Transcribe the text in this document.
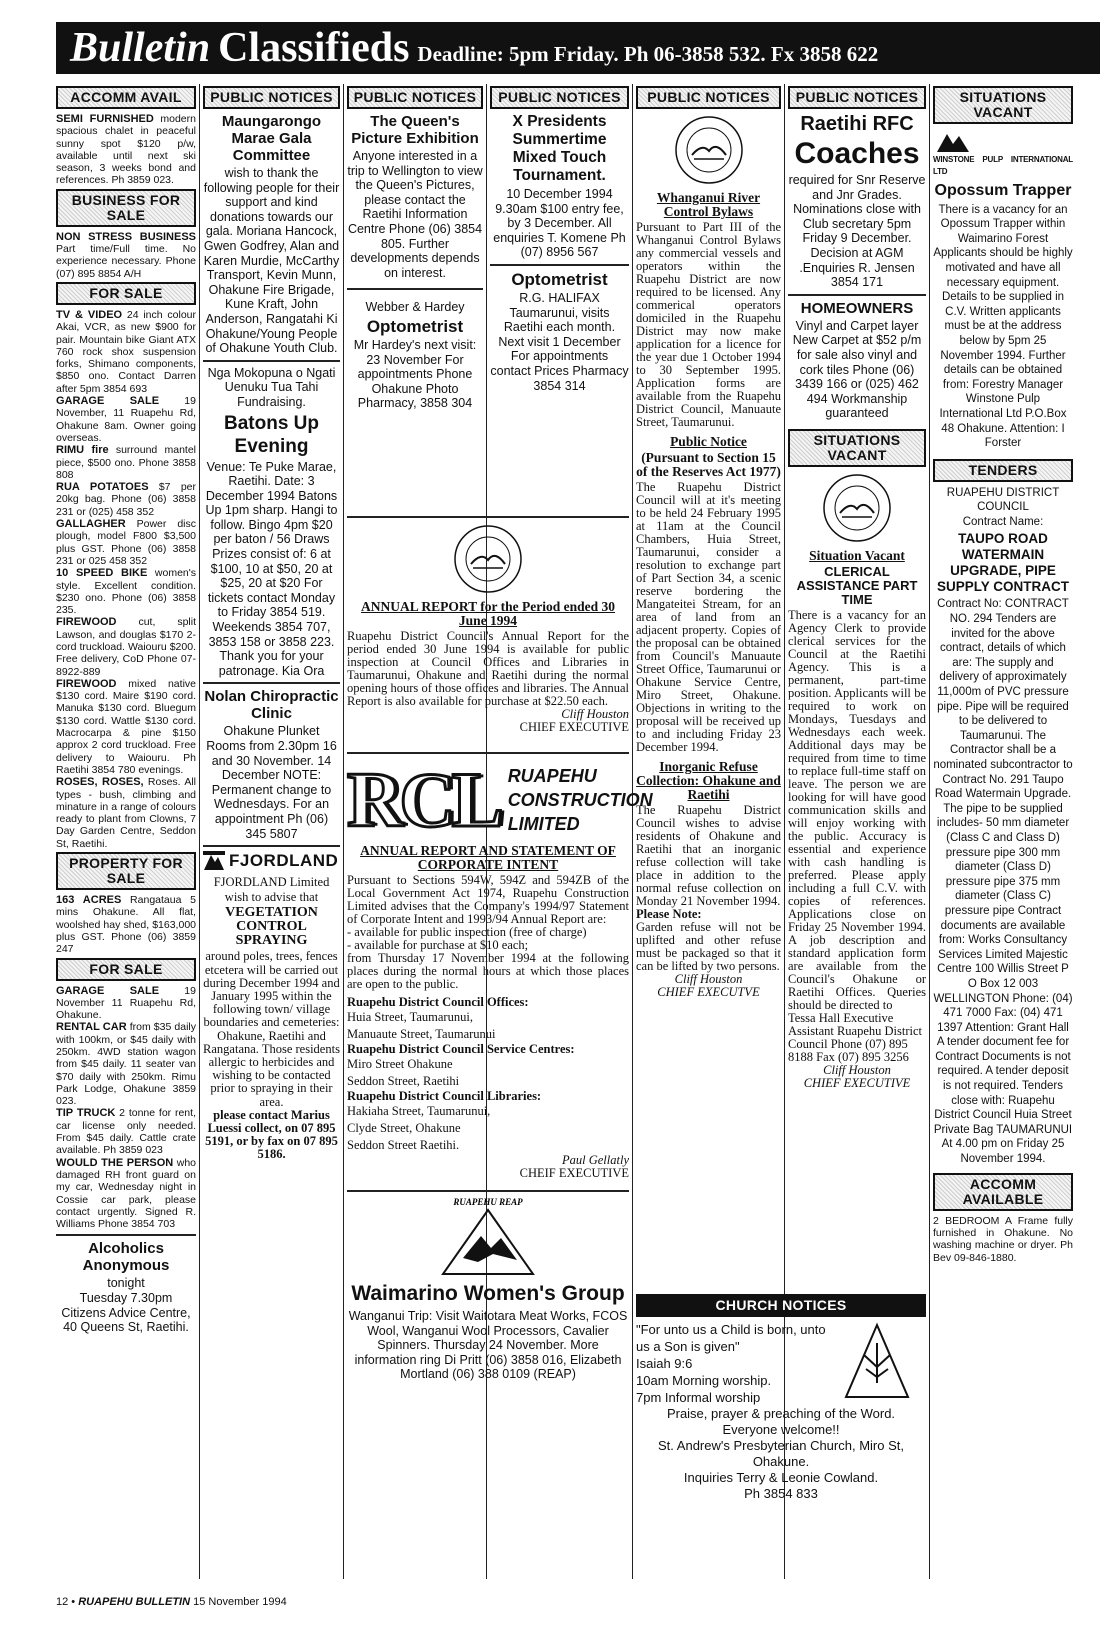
Bulletin Classifieds Deadline: 5pm Friday. Ph 06-3858 532. Fx 3858 622
ACCOMM AVAIL

SEMI FURNISHED modern spacious chalet in peaceful sunny spot $120 p/w, available until next ski season, 3 weeks bond and references. Ph 3859 023.

BUSINESS FOR SALE

NON STRESS BUSINESS Part time/Full time. No experience necessary. Phone (07) 895 8854 A/H

FOR SALE

TV & VIDEO 24 inch colour Akai, VCR, as new $900 for pair. Mountain bike Giant ATX 760 rock shox suspension forks, Shimano components, $850 ono. Contact Darren after 5pm 3854 693

GARAGE SALE 19 November, 11 Ruapehu Rd, Ohakune 8am. Owner going overseas.

RIMU fire surround mantel piece, $500 ono. Phone 3858 808

RUA POTATOES $7 per 20kg bag. Phone (06) 3858 231 or (025) 458 352

GALLAGHER Power disc plough, model F800 $3,500 plus GST. Phone (06) 3858 231 or 025 458 352

10 SPEED BIKE women's style. Excellent condition. $230 ono. Phone (06) 3858 235.

FIREWOOD cut, split Lawson, and douglas $170 2-cord truckload. Waiouru $200. Free delivery, CoD Phone 07-8922-889

FIREWOOD mixed native $130 cord. Maire $190 cord. Manuka $130 cord. Bluegum $130 cord. Wattle $130 cord. Macrocarpa & pine $150 approx 2 cord truckload. Free delivery to Waiouru. Ph Raetihi 3854 780 evenings.

ROSES, ROSES, Roses. All types - bush, climbing and minature in a range of colours ready to plant from Clowns, 7 Day Garden Centre, Seddon St, Raetihi.

PROPERTY FOR SALE

163 ACRES Rangataua 5 mins Ohakune. All flat, woolshed hay shed, $163,000 plus GST. Phone (06) 3859 247

FOR SALE

GARAGE SALE 19 November 11 Ruapehu Rd, Ohakune.

RENTAL CAR from $35 daily with 100km, or $45 daily with 250km. 4WD station wagon from $45 daily. 11 seater van $70 daily with 250km. Rimu Park Lodge, Ohakune 3859 023.

TIP TRUCK 2 tonne for rent, car license only needed. From $45 daily. Cattle crate available. Ph 3859 023

WOULD THE PERSON who damaged RH front guard on my car, Wednesday night in Cossie car park, please contact urgently. Signed R. Williams Phone 3854 703

Alcoholics Anonymous

tonight

Tuesday 7.30pm

Citizens Advice Centre,

40 Queens St, Raetihi.

PUBLIC NOTICES

Maungarongo Marae Gala Committee

wish to thank the following people for their support and kind donations towards our gala. Moriana Hancock, Gwen Godfrey, Alan and Karen Murdie, McCarthy Transport, Kevin Munn, Ohakune Fire Brigade, Kune Kraft, John Anderson, Rangatahi Ki Ohakune/Young People of Ohakune Youth Club.

Nga Mokopuna o Ngati Uenuku Tua Tahi Fundraising.

Batons Up Evening

Venue: Te Puke Marae, Raetihi. Date: 3 December 1994 Batons Up 1pm sharp. Hangi to follow. Bingo 4pm $20 per baton / 56 Draws Prizes consist of: 6 at $100, 10 at $50, 20 at $25, 20 at $20 For tickets contact Monday to Friday 3854 519. Weekends 3854 707, 3853 158 or 3858 223. Thank you for your patronage. Kia Ora

Nolan Chiropractic Clinic

Ohakune Plunket Rooms from 2.30pm 16 and 30 November. 14 December NOTE: Permanent change to Wednesdays. For an appointment Ph (06) 345 5807

FJORDLAND

FJORDLAND Limited wish to advise that

VEGETATION CONTROL SPRAYING

around poles, trees, fences etcetera will be carried out during December 1994 and January 1995 within the following town/ village boundaries and cemeteries: Ohakune, Raetihi and Rangatana. Those residents allergic to herbicides and wishing to be contacted prior to spraying in their area.

please contact Marius Luessi collect, on 07 895 5191, or by fax on 07 895 5186.

PUBLIC NOTICES

The Queen's Picture Exhibition

Anyone interested in a trip to Wellington to view the Queen's Pictures, please contact the Raetihi Information Centre Phone (06) 3854 805. Further developments depends on interest.

Webber & Hardey

Optometrist

Mr Hardey's next visit: 23 November For appointments Phone Ohakune Photo Pharmacy, 3858 304

PUBLIC NOTICES

X Presidents Summertime Mixed Touch Tournament.

10 December 1994 9.30am $100 entry fee, by 3 December. All enquiries T. Komene Ph (07) 8956 567

Optometrist

R.G. HALIFAX Taumarunui, visits Raetihi each month. Next visit 1 December For appointments contact Prices Pharmacy 3854 314

ANNUAL REPORT for the Period ended 30 June 1994

Ruapehu District Council's Annual Report for the period ended 30 June 1994 is available for public inspection at Council Offices and Libraries in Taumarunui, Ohakune and Raetihi during the normal opening hours of those offices and libraries. The Annual Report is also available for purchase at $22.50 each.

Cliff Houston

CHIEF EXECUTIVE

RCL RUAPEHU CONSTRUCTION LIMITED

ANNUAL REPORT AND STATEMENT OF CORPORATE INTENT

Pursuant to Sections 594W, 594Z and 594ZB of the Local Government Act 1974, Ruapehu Construction Limited advises that the Company's 1994/97 Statement of Corporate Intent and 1993/94 Annual Report are:

- available for public inspection (free of charge)

- available for purchase at $10 each;

from Thursday 17 November 1994 at the following places during the normal hours at which those places are open to the public.

Ruapehu District Council Offices:

Huia Street, Taumarunui,

Manuaute Street, Taumarunui

Ruapehu District Council Service Centres:

Miro Street Ohakune

Seddon Street, Raetihi

Ruapehu District Council Libraries:

Hakiaha Street, Taumarunui,

Clyde Street, Ohakune

Seddon Street Raetihi.

Paul Gellatly

CHEIF EXECUTIVE

RUAPEHU REAP

Waimarino Women's Group

Wanganui Trip: Visit Waitotara Meat Works, FCOS Wool, Wanganui Wool Processors, Cavalier Spinners. Thursday 24 November. More information ring Di Pritt (06) 3858 016, Elizabeth Mortland (06) 388 0109 (REAP)

PUBLIC NOTICES

Whanganui River Control Bylaws

Pursuant to Part III of the Whanganui Control Bylaws any commercial vessels and operators within the Ruapehu District are now required to be licensed. Any commerical operators domiciled in the Ruapehu District may now make application for a licence for the year due 1 October 1994 to 30 September 1995. Application forms are available from the Ruapehu District Council, Manuaute Street, Taumarunui.

Public Notice

(Pursuant to Section 15 of the Reserves Act 1977)

The Ruapehu District Council will at it's meeting to be held 24 February 1995 at 11am at the Council Chambers, Huia Street, Taumarunui, consider a resolution to exchange part of Part Section 34, a scenic reserve bordering the Mangateitei Stream, for an area of land from an adjacent property. Copies of the proposal can be obtained from Council's Manuaute Street Office, Taumarunui or Ohakune Service Centre, Miro Street, Ohakune. Objections in writing to the proposal will be received up to and including Friday 23 December 1994.

Inorganic Refuse Collection: Ohakune and Raetihi

The Ruapehu District Council wishes to advise residents of Ohakune and Raetihi that an inorganic refuse collection will take place in addition to the normal refuse collection on Monday 21 November 1994.

Please Note:

Garden refuse will not be uplifted and other refuse must be packaged so that it can be lifted by two persons.

Cliff Houston

CHIEF EXECUTVE

PUBLIC NOTICES

Raetihi RFC

Coaches

required for Snr Reserve and Jnr Grades. Nominations close with Club secretary 5pm Friday 9 December. Decision at AGM .Enquiries R. Jensen 3854 171

HOMEOWNERS

Vinyl and Carpet layer New Carpet at $52 p/m for sale also vinyl and cork tiles Phone (06) 3439 166 or (025) 462 494 Workmanship guaranteed

SITUATIONS VACANT

Situation Vacant

CLERICAL ASSISTANCE PART TIME

There is a vacancy for an Agency Clerk to provide clerical services for the Council at the Raetihi Agency. This is a permanent, part-time position. Applicants will be required to work on Mondays, Tuesdays and Wednesdays each week. Additional days may be required from time to time to replace full-time staff on leave. The person we are looking for will have good communication skills and will enjoy working with the public. Accuracy is essential and experience with cash handling is preferred. Please apply including a full C.V. with copies of references. Applications close on Friday 25 November 1994. A job description and standard application form are available from the Council's Ohakune or Raetihi Offices. Queries should be directed to

Tessa Hall Executive Assistant Ruapehu District Council Phone (07) 895 8188 Fax (07) 895 3256

Cliff Houston

CHIEF EXECUTIVE

CHURCH NOTICES

"For unto us a Child is born, unto us a Son is given"

Isaiah 9:6

10am Morning worship.

7pm Informal worship

Praise, prayer & preaching of the Word.

Everyone welcome!!

St. Andrew's Presbyterian Church, Miro St, Ohakune.

Inquiries Terry & Leonie Cowland.

Ph 3854 833

SITUATIONS VACANT

WINSTONE PULP INTERNATIONAL LTD

Opossum Trapper

There is a vacancy for an Opossum Trapper within Waimarino Forest Applicants should be highly motivated and have all necessary equipment. Details to be supplied in C.V. Written applicants must be at the address below by 5pm 25 November 1994. Further details can be obtained from: Forestry Manager Winstone Pulp International Ltd P.O.Box 48 Ohakune. Attention: I Forster

TENDERS

RUAPEHU DISTRICT COUNCIL

Contract Name:

TAUPO ROAD WATERMAIN UPGRADE, PIPE SUPPLY CONTRACT

Contract No: CONTRACT NO. 294 Tenders are invited for the above contract, details of which are: The supply and delivery of approximately 11,000m of PVC pressure pipe. Pipe will be required to be delivered to Taumarunui. The Contractor shall be a nominated subcontractor to Contract No. 291 Taupo Road Watermain Upgrade. The pipe to be supplied includes- 50 mm diameter (Class C and Class D) pressure pipe 300 mm diameter (Class D) pressure pipe 375 mm diameter (Class C) pressure pipe Contract documents are available from: Works Consultancy Services Limited Majestic Centre 100 Willis Street P O Box 12 003 WELLINGTON Phone: (04) 471 7000 Fax: (04) 471 1397 Attention: Grant Hall A tender document fee for Contract Documents is not required. A tender deposit is not required. Tenders close with: Ruapehu District Council Huia Street Private Bag TAUMARUNUI At 4.00 pm on Friday 25 November 1994.

ACCOMM AVAILABLE

2 BEDROOM A Frame fully furnished in Ohakune. No washing machine or dryer. Ph Bev 09-846-1880.

12 • RUAPEHU BULLETIN 15 November 1994
